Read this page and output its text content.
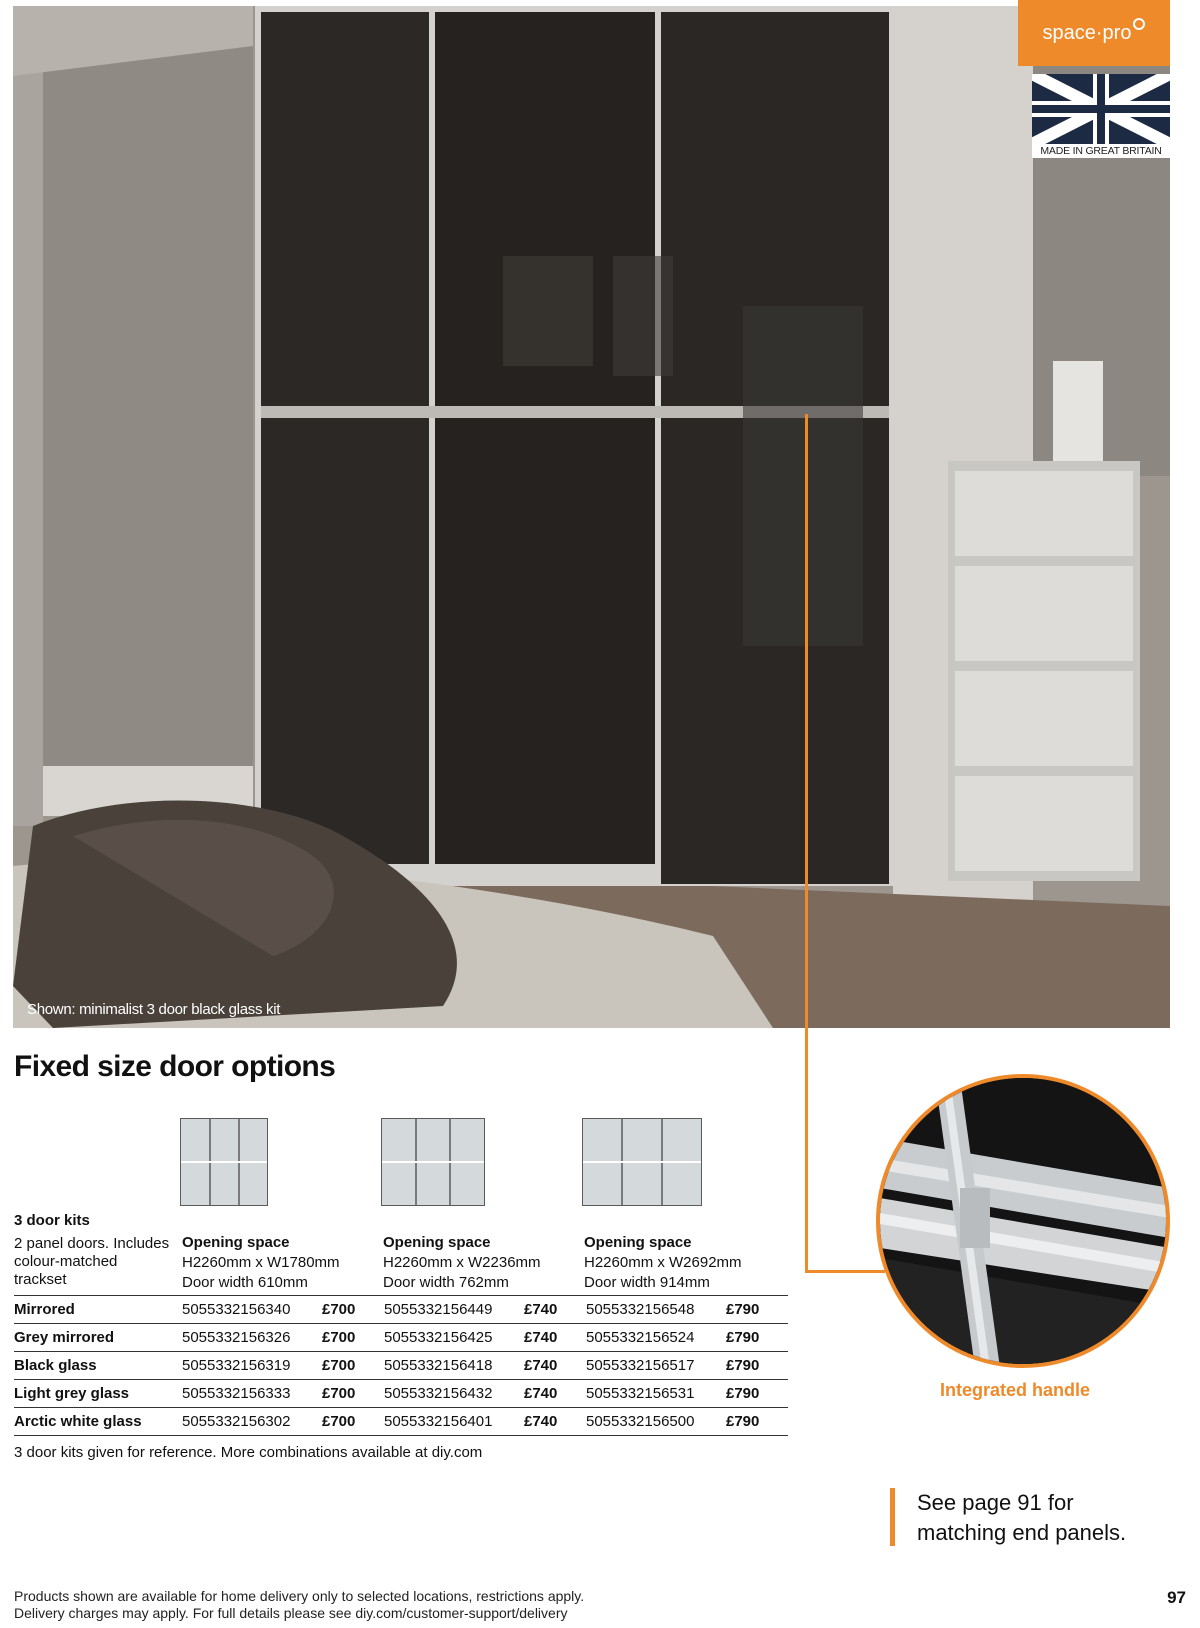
Shown: minimalist 3 door black glass kit
space·pro
MADE IN GREAT BRITAIN
Fixed size door options
3 door kits
2 panel doors. Includes colour-matched trackset
Opening space
H2260mm x W1780mm
Door width 610mm
Opening space
H2260mm x W2236mm
Door width 762mm
Opening space
H2260mm x W2692mm
Door width 914mm
Mirrored	5055332156340	£700	5055332156449	£740	5055332156548	£790
Grey mirrored	5055332156326	£700	5055332156425	£740	5055332156524	£790
Black glass	5055332156319	£700	5055332156418	£740	5055332156517	£790
Light grey glass	5055332156333	£700	5055332156432	£740	5055332156531	£790
Arctic white glass	5055332156302	£700	5055332156401	£740	5055332156500	£790
3 door kits given for reference. More combinations available at diy.com
Integrated handle
See page 91 for
matching end panels.
Products shown are available for home delivery only to selected locations, restrictions apply.
Delivery charges may apply. For full details please see diy.com/customer-support/delivery
97
